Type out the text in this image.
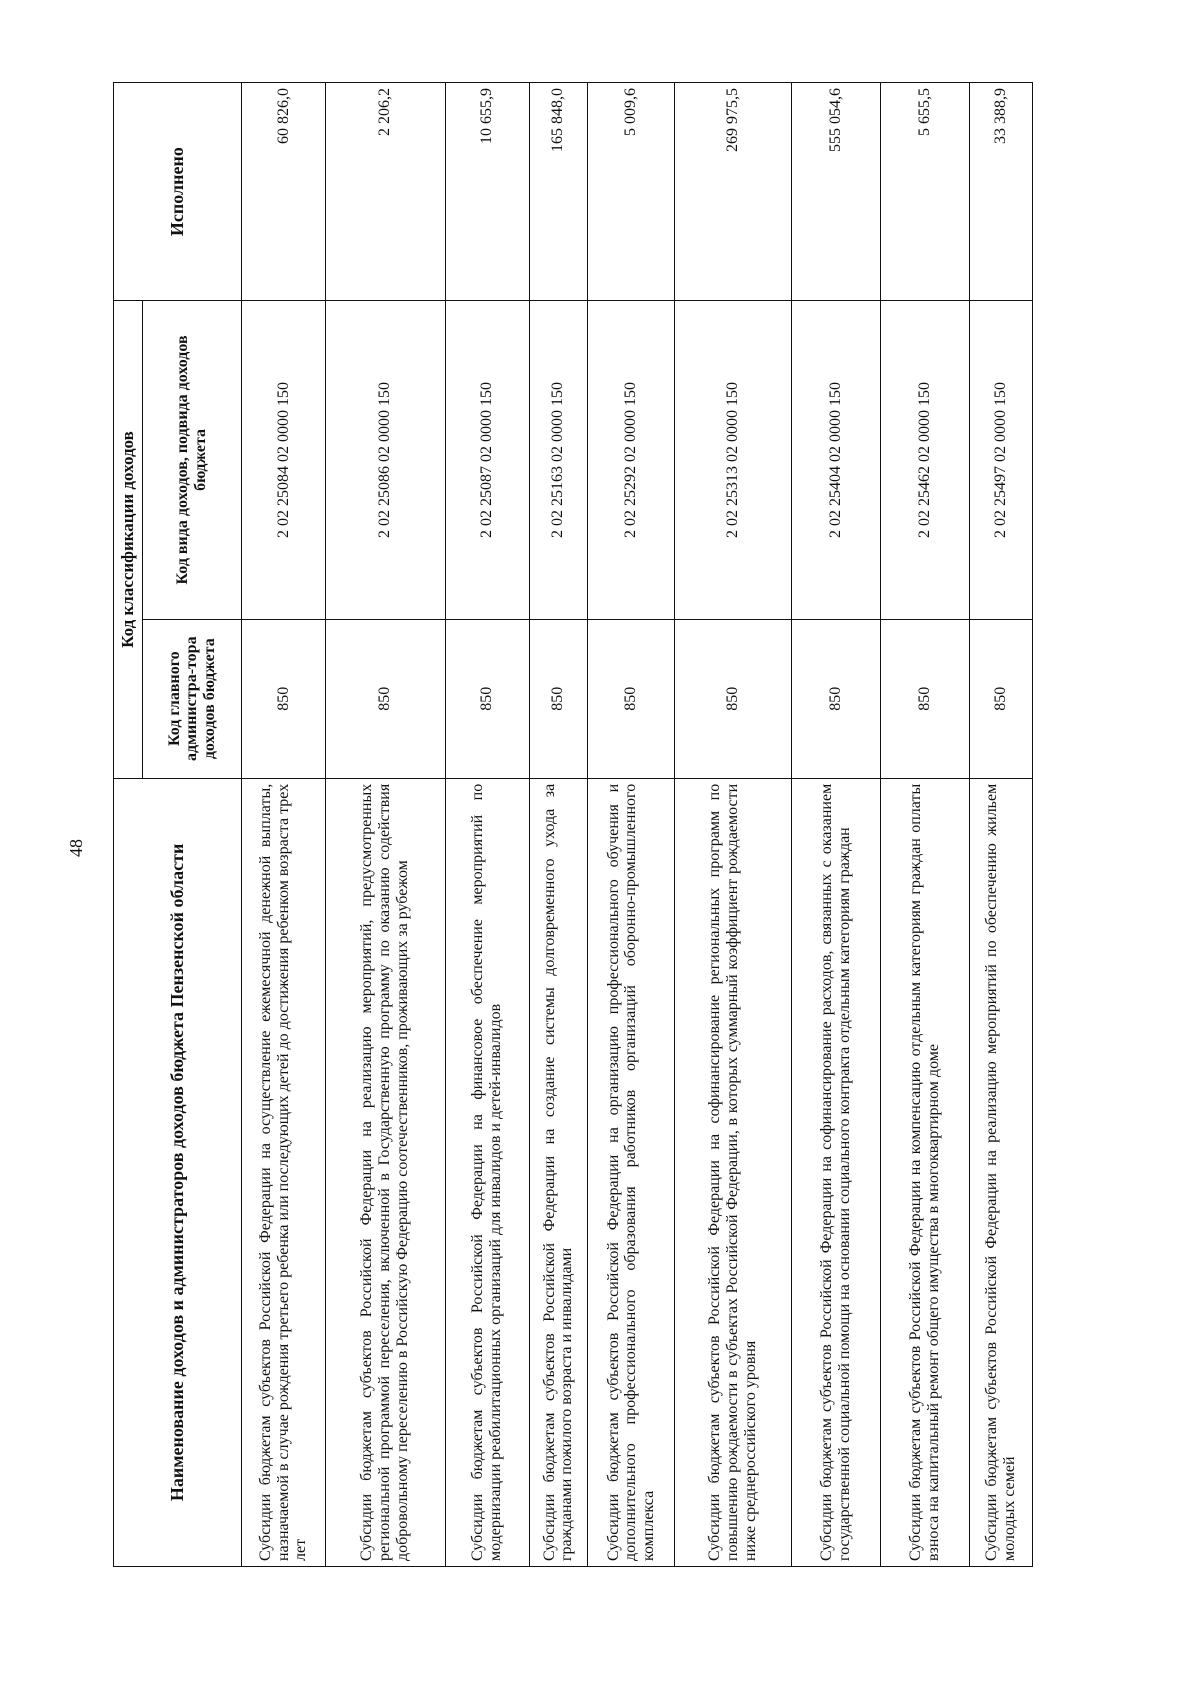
48	Наименование доходов и администраторов доходов бюджета Пензенской области	Код классификации доходов		Исполнено
	Код главного администра-тора доходов бюджета	Код вида доходов, подвида доходов бюджета	
Субсидии бюджетам субъектов Российской Федерации на осуществление ежемесячной денежной выплаты, назначаемой в случае рождения третьего ребенка или последующих детей до достижения ребенком возраста трех лет	850	2 02 25084 02 0000 150	60 826,0
Субсидии бюджетам субъектов Российской Федерации на реализацию мероприятий, предусмотренных региональной программой переселения, включенной в Государственную программу по оказанию содействия добровольному переселению в Российскую Федерацию соотечественников, проживающих за рубежом	850	2 02 25086 02 0000 150	2 206,2
Субсидии бюджетам субъектов Российской Федерации на финансовое обеспечение мероприятий по модернизации реабилитационных организаций для инвалидов и детей-инвалидов	850	2 02 25087 02 0000 150	10 655,9
Субсидии бюджетам субъектов Российской Федерации на создание системы долговременного ухода за гражданами пожилого возраста и инвалидами	850	2 02 25163 02 0000 150	165 848,0
Субсидии бюджетам субъектов Российской Федерации на организацию профессионального обучения и дополнительного профессионального образования работников организаций оборонно-промышленного комплекса	850	2 02 25292 02 0000 150	5 009,6
Субсидии бюджетам субъектов Российской Федерации на софинансирование региональных программ по повышению рождаемости в субъектах Российской Федерации, в которых суммарный коэффициент рождаемости ниже среднероссийского уровня	850	2 02 25313 02 0000 150	269 975,5
Субсидии бюджетам субъектов Российской Федерации на софинансирование расходов, связанных с оказанием государственной социальной помощи на основании социального контракта отдельным категориям граждан	850	2 02 25404 02 0000 150	555 054,6
Субсидии бюджетам субъектов Российской Федерации на компенсацию отдельным категориям граждан оплаты взноса на капитальный ремонт общего имущества в многоквартирном доме	850	2 02 25462 02 0000 150	5 655,5
Субсидии бюджетам субъектов Российской Федерации на реализацию мероприятий по обеспечению жильем молодых семей	850	2 02 25497 02 0000 150	33 388,9
